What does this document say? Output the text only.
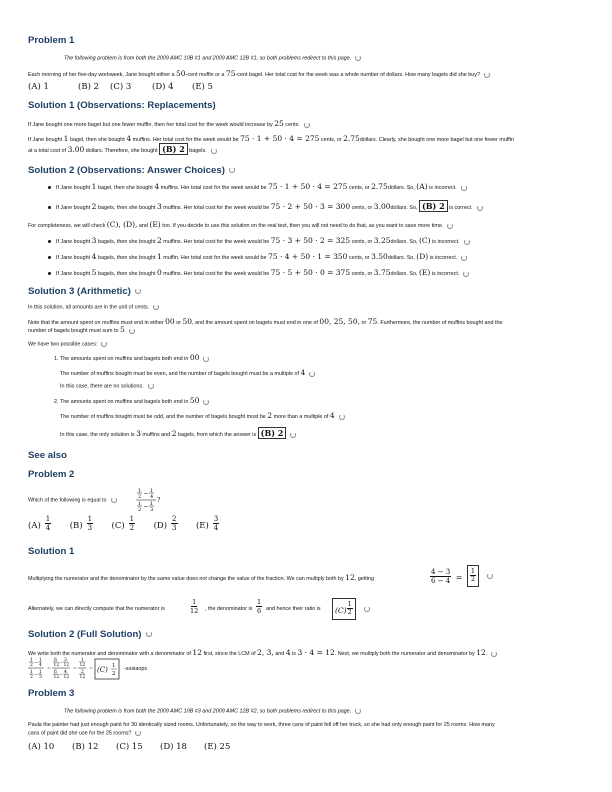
Problem 1
The following problem is from both the 2009 AMC 10B #1 and 2009 AMC 12B #1, so both problems redirect to this page.
Each morning of her five-day workweek, Jane bought either a 50-cent muffin or a 75-cent bagel. Her total cost for the week was a whole number of dollars. How many bagels did she buy?
(A) 1	(B) 2 (C) 3 (D) 4 (E) 5
Solution 1 (Observations: Replacements)
If Jane bought one more bagel but one fewer muffin, then her total cost for the week would increase by 25 cents.
If Jane bought 1 bagel, then she bought 4 muffins. Her total cost for the week would be 75 · 1 + 50 · 4 = 275 cents, or 2.75dollars. Clearly, she bought one more bagel but one fewer muffin
at a total cost of 3.00 dollars. Therefore, she bought (B) 2 bagels.
Solution 2 (Observations: Answer Choices)
If Jane bought 1 bagel, then she bought 4 muffins. Her total cost for the week would be 75 · 1 + 50 · 4 = 275 cents, or 2.75dollars. So, (A) is incorrect.
If Jane bought 2 bagels, then she bought 3 muffins. Her total cost for the week would be 75 · 2 + 50 · 3 = 300 cents, or 3.00dollars. So, (B) 2 is correct.
For completeness, we will check (C), (D), and (E) too. If you decide to use this solution on the real test, then you will not need to do that, as you want to save more time.
If Jane bought 3 bagels, then she bought 2 muffins. Her total cost for the week would be 75 · 3 + 50 · 2 = 325 cents, or 3.25dollars. So, (C) is incorrect.
If Jane bought 4 bagels, then she bought 1 muffin. Her total cost for the week would be 75 · 4 + 50 · 1 = 350 cents, or 3.50dollars. So, (D) is incorrect.
If Jane bought 5 bagels, then she bought 0 muffins. Her total cost for the week would be 75 · 5 + 50 · 0 = 375 cents, or 3.75dollars. So, (E) is incorrect.
Solution 3 (Arithmetic)
In this solution, all amounts are in the unit of cents.
Note that the amount spent on muffins must end in either 00 or 50, and the amount spent on bagels must end in one of 00, 25, 50, or 75. Furthermore, the number of muffins bought and the
number of bagels bought must sum to 5
We have two possible cases:
1. The amounts spent on muffins and bagels both end in 00
The number of muffins bought must be even, and the number of bagels bought must be a multiple of 4
In this case, there are no solutions.
2. The amounts spent on muffins and bagels both end in 50
The number of muffins bought must be odd, and the number of bagels bought must be 2 more than a multiple of 4
In this case, the only solution is 3 muffins and 2 bagels, from which the answer is (B) 2
See also
Problem 2
Which of the following is equal to
1
2 − 1
4
1
2 − 1
3
?
$(A) \frac{1}{4} (B) \frac{1}{3} (C) \frac{1}{2} (D) \frac{2}{3} (E) \frac{3}{4}$
Solution 1
Multiplying the numerator and the denominator by the same value does not change the value of the fraction. We can multiply both by 12, getting	$\frac{4 - 3}{6 - 4} = \frac{1}{2}$

Alternately, we can directly compute that the numerator is	$\frac{1}{12}$ , the denominator is $\frac{1}{6}$ and hence their ratio is	$(C) \frac{1}{2}$

Solution 2 (Full Solution)
We write both the numerator and denominator with a denominator of 12 first, since the LCM of 2, 3, and 4 is 3 · 4 = 12. Next, we multiply both the numerator and denominator by 12.
1
2 −
1
4
1
2 −
1
3
=
6
12 −
3
12
6
12 −
4
12
=
1
12
2
12
= (C) 1
2
-sosiaops
Problem 3
The following problem is from both the 2009 AMC 10B #3 and 2009 AMC 12B #2, so both problems redirect to this page.
Paula the painter had just enough paint for 30 identically sized rooms. Unfortunately, on the way to work, three cans of paint fell off her truck, so she had only enough paint for 25 rooms. How many
cans of paint did she use for the 25 rooms?
(A) 10 (B) 12 (C) 15 (D) 18 (E) 25
